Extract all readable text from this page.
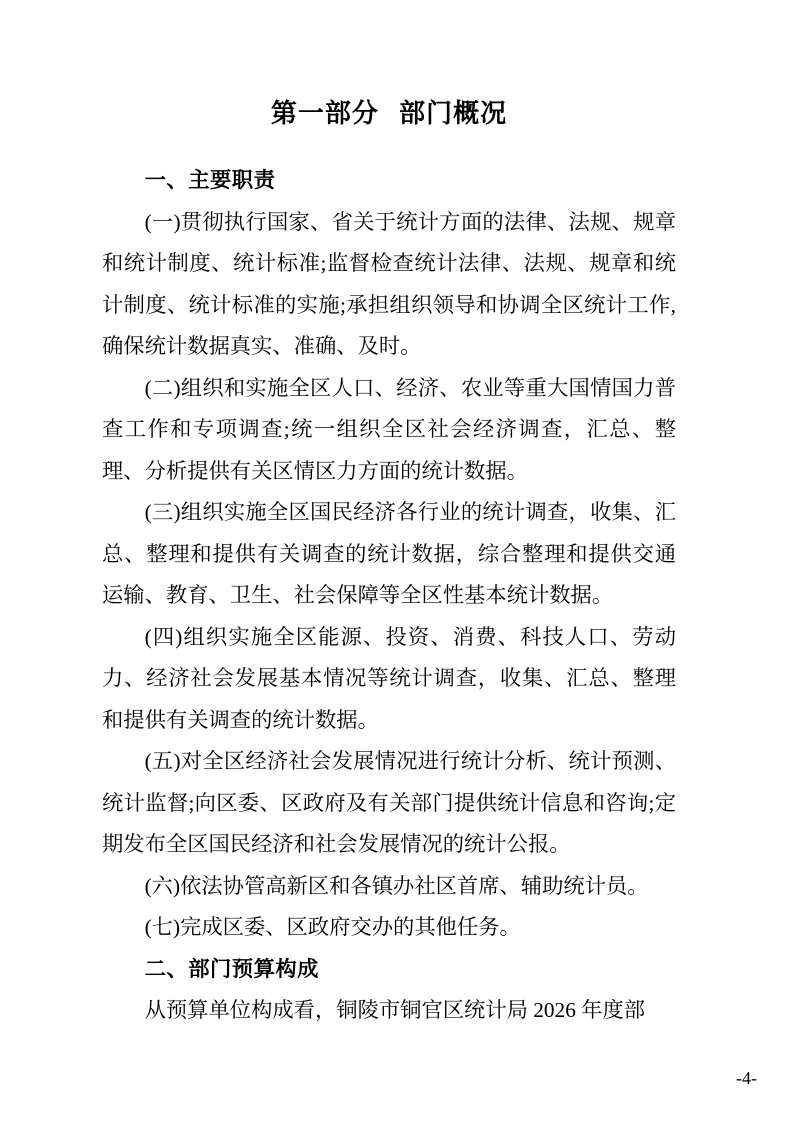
第一部分 部门概况
一、主要职责

(一)贯彻执行国家、省关于统计方面的法律、法规、规章和统计制度、统计标准;监督检查统计法律、法规、规章和统计制度、统计标准的实施;承担组织领导和协调全区统计工作,确保统计数据真实、准确、及时。

(二)组织和实施全区人口、经济、农业等重大国情国力普查工作和专项调查;统一组织全区社会经济调查，汇总、整理、分析提供有关区情区力方面的统计数据。

(三)组织实施全区国民经济各行业的统计调查，收集、汇总、整理和提供有关调查的统计数据，综合整理和提供交通运输、教育、卫生、社会保障等全区性基本统计数据。

(四)组织实施全区能源、投资、消费、科技人口、劳动力、经济社会发展基本情况等统计调查，收集、汇总、整理和提供有关调查的统计数据。

(五)对全区经济社会发展情况进行统计分析、统计预测、统计监督;向区委、区政府及有关部门提供统计信息和咨询;定期发布全区国民经济和社会发展情况的统计公报。

(六)依法协管高新区和各镇办社区首席、辅助统计员。

(七)完成区委、区政府交办的其他任务。

二、部门预算构成

从预算单位构成看，铜陵市铜官区统计局 2026 年度部

-4-
